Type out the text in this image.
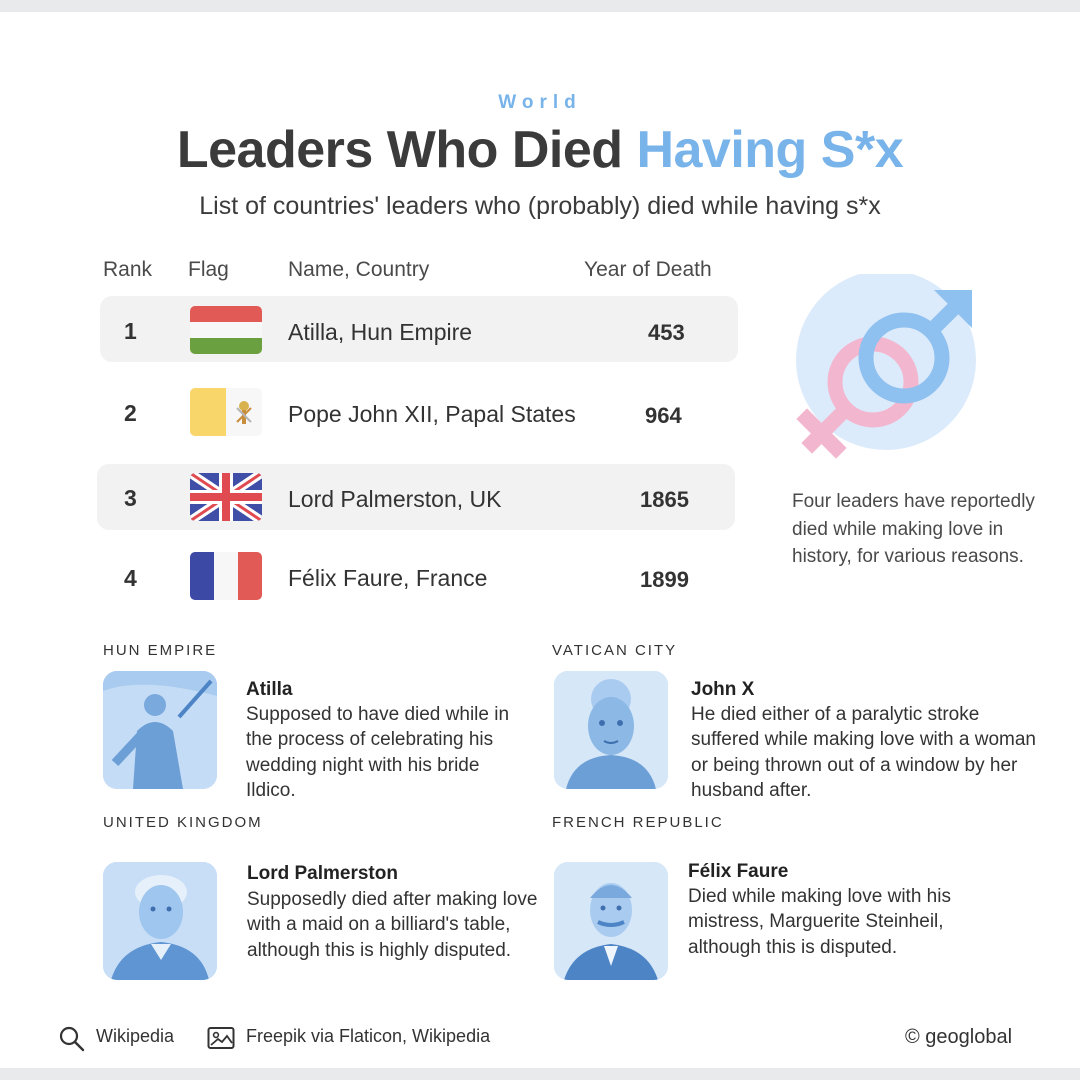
World
Leaders Who Died Having S*x
List of countries' leaders who (probably) died while having s*x
Rank Flag	Name, Country	Year of Death
1	Atilla, Hun Empire	453
2	Pope John XII, Papal States	964
3	Lord Palmerston, UK	1865
4	Félix Faure, France	1899
Four leaders have reportedly died while making love in history, for various reasons.
HUN EMPIRE
Atilla
Supposed to have died while in the process of celebrating his wedding night with his bride Ildico.
VATICAN CITY
John X
He died either of a paralytic stroke suffered while making love with a woman or being thrown out of a window by her husband after.
UNITED KINGDOM
Lord Palmerston
Supposedly died after making love with a maid on a billiard's table, although this is highly disputed.
FRENCH REPUBLIC
Félix Faure
Died while making love with his mistress, Marguerite Steinheil, although this is disputed.
Wikipedia	Freepik via Flaticon, Wikipedia	© geoglobal
